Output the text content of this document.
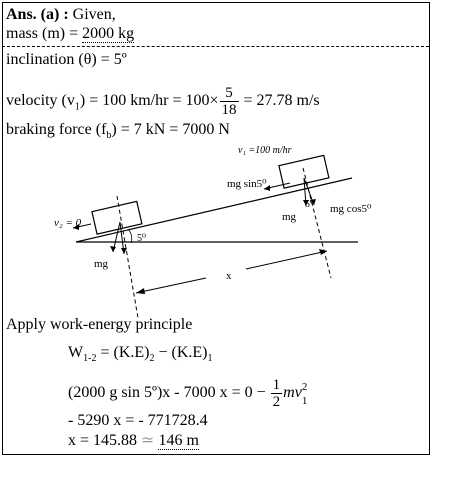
Ans. (a) : Given,
mass (m) = 2000 kg
inclination (θ) = 5º
velocity $(v_1) = 100$ $km/hr = 100\times \frac{5}{18} = 27.78$ m/s
braking force $(f_b) = 7$ kN = 7000 N
v₁ =100 m/hr
mg sin5⁰
mg cos5⁰
mg
5⁰
v₂ = 0
5⁰
mg
x
Apply work-energy principle
$W_{1-2} = (K.E)_2 - (K.E)_1$
(2000 g sin 5º)x - 7000 $x = 0 - \frac{1}{2}$ mv 2
1
- 5290 x = - 771728.4
x = 145.88 ≃ 146 m
